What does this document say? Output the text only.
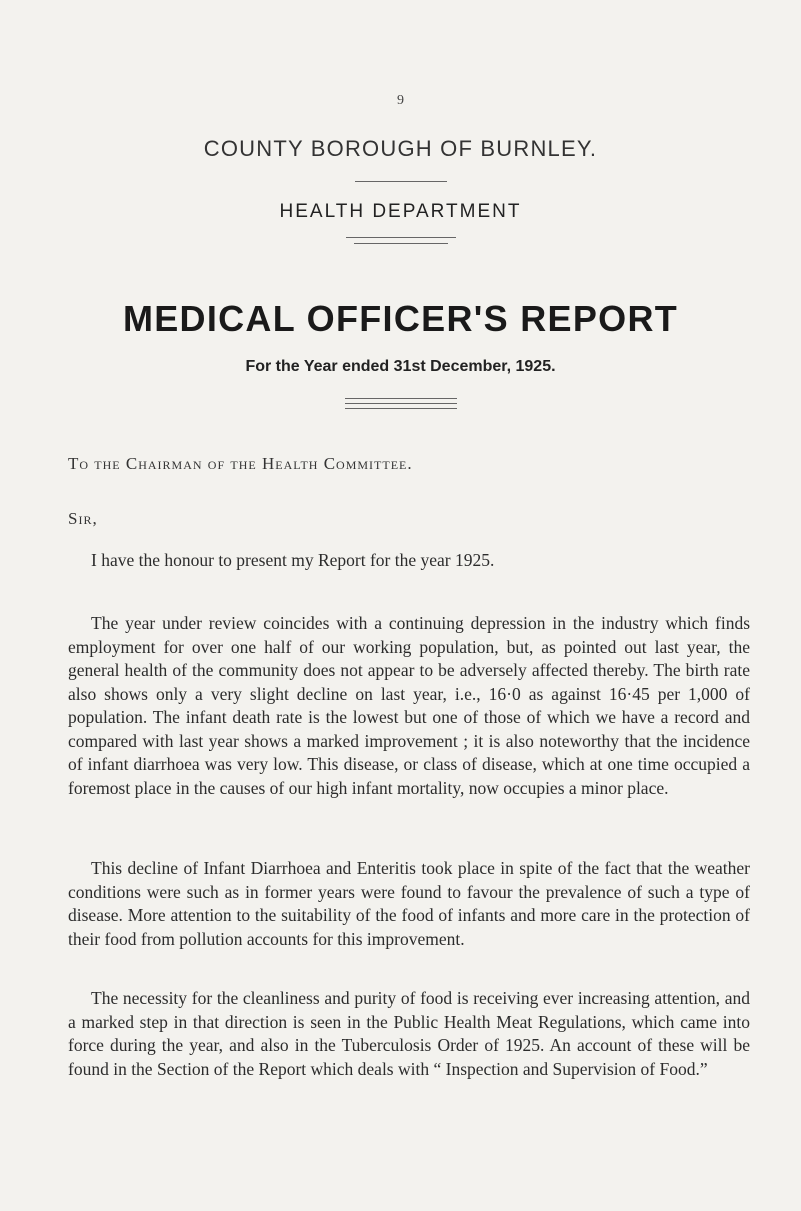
9
COUNTY BOROUGH OF BURNLEY.
HEALTH DEPARTMENT
MEDICAL OFFICER'S REPORT
For the Year ended 31st December, 1925.
To the Chairman of the Health Committee.
Sir,

I have the honour to present my Report for the year 1925.

The year under review coincides with a continuing depression in the industry which finds employment for over one half of our working population, but, as pointed out last year, the general health of the community does not appear to be adversely affected thereby. The birth rate also shows only a very slight decline on last year, i.e., 16·0 as against 16·45 per 1,000 of population. The infant death rate is the lowest but one of those of which we have a record and compared with last year shows a marked improvement ; it is also noteworthy that the incidence of infant diarrhoea was very low. This disease, or class of disease, which at one time occupied a foremost place in the causes of our high infant mortality, now occupies a minor place.

This decline of Infant Diarrhoea and Enteritis took place in spite of the fact that the weather conditions were such as in former years were found to favour the prevalence of such a type of disease. More attention to the suitability of the food of infants and more care in the protection of their food from pollution accounts for this improvement.

The necessity for the cleanliness and purity of food is receiving ever increasing attention, and a marked step in that direction is seen in the Public Health Meat Regulations, which came into force during the year, and also in the Tuberculosis Order of 1925. An account of these will be found in the Section of the Report which deals with “ Inspection and Supervision of Food.”
